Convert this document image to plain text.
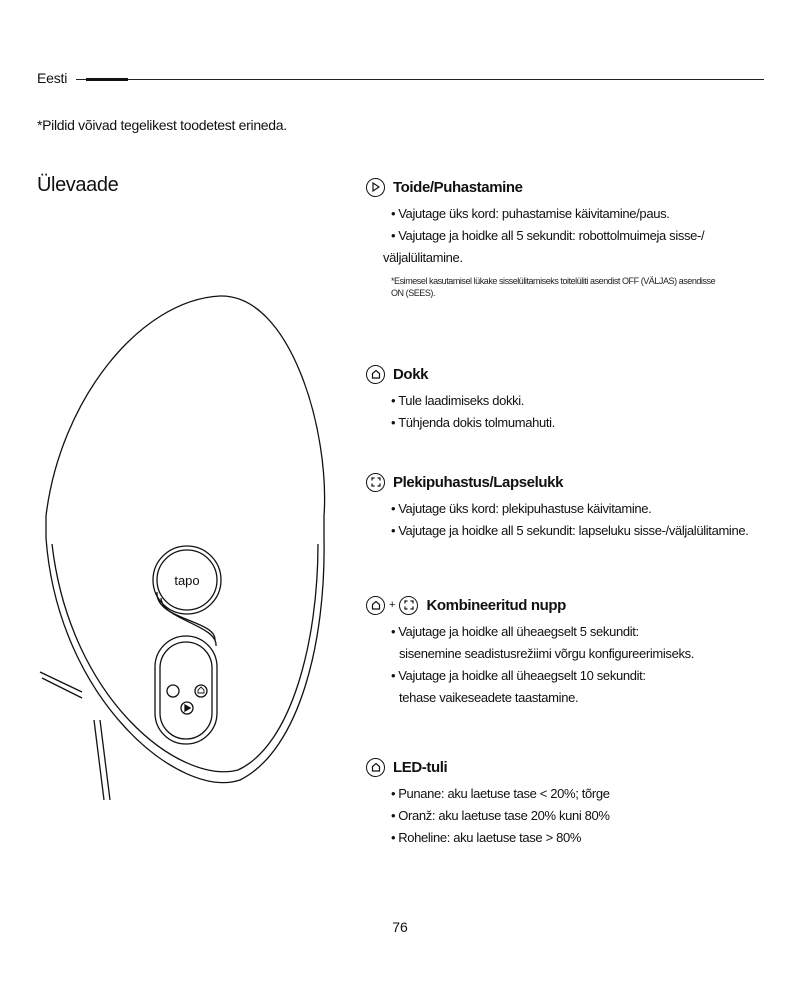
Eesti
*Pildid võivad tegelikest toodetest erineda.
Ülevaade
tapo
Toide/Puhastamine
• Vajutage üks kord: puhastamise käivitamine/paus.
• Vajutage ja hoidke all 5 sekundit: robottolmuimeja sisse-/
väljalülitamine.
*Esimesel kasutamisel lükake sisselülitamiseks toitelüliti asendist OFF (VÄLJAS) asendisse
ON (SEES).
Dokk
• Tule laadimiseks dokki.
• Tühjenda dokis tolmumahuti.
Plekipuhastus/Lapselukk
• Vajutage üks kord: plekipuhastuse käivitamine.
• Vajutage ja hoidke all 5 sekundit: lapseluku sisse-/väljalülitamine.
+ Kombineeritud nupp
• Vajutage ja hoidke all üheaegselt 5 sekundit:
sisenemine seadistusrežiimi võrgu konfigureerimiseks.
• Vajutage ja hoidke all üheaegselt 10 sekundit:
tehase vaikeseadete taastamine.
LED-tuli
• Punane: aku laetuse tase < 20%; tõrge
• Oranž: aku laetuse tase 20% kuni 80%
• Roheline: aku laetuse tase > 80%
76
